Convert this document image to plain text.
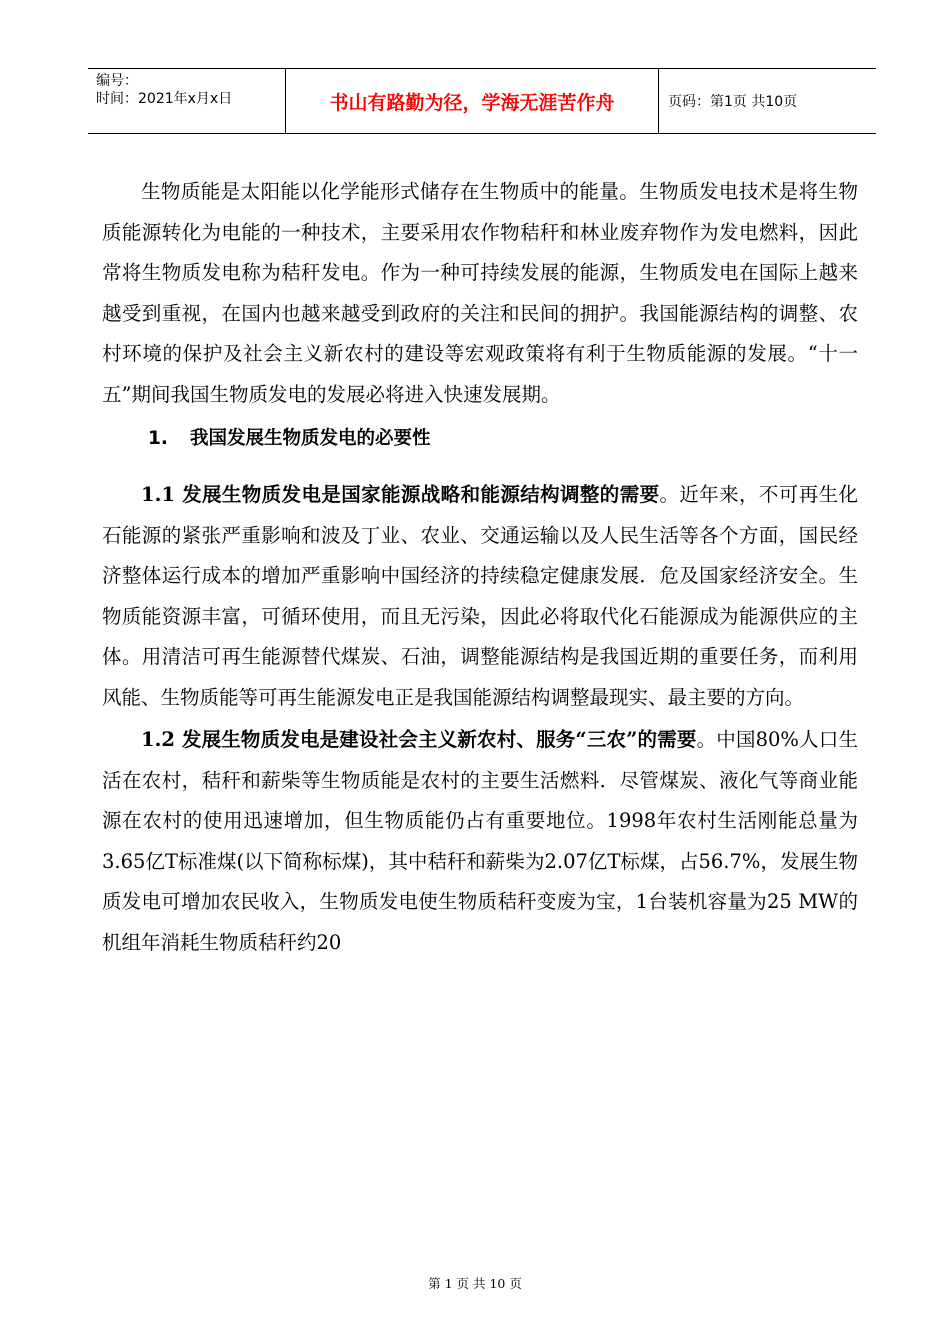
编号：
时间：2021年x月x日	书山有路勤为径，学海无涯苦作舟	页码：第1页 共10页

生物质能是太阳能以化学能形式储存在生物质中的能量。生物质发电技术是将生物质能源转化为电能的一种技术，主要采用农作物秸秆和林业废弃物作为发电燃料，因此常将生物质发电称为秸秆发电。作为一种可持续发展的能源，生物质发电在国际上越来越受到重视，在国内也越来越受到政府的关注和民间的拥护。我国能源结构的调整、农村环境的保护及社会主义新农村的建设等宏观政策将有利于生物质能源的发展。“十一五”期间我国生物质发电的发展必将进入快速发展期。

1. 我国发展生物质发电的必要性

1.1 发展生物质发电是国家能源战略和能源结构调整的需要。近年来，不可再生化石能源的紧张严重影响和波及丁业、农业、交通运输以及人民生活等各个方面，国民经济整体运行成本的增加严重影响中国经济的持续稳定健康发展．危及国家经济安全。生物质能资源丰富，可循环使用，而且无污染，因此必将取代化石能源成为能源供应的主体。用清洁可再生能源替代煤炭、石油，调整能源结构是我国近期的重要任务，而利用风能、生物质能等可再生能源发电正是我国能源结构调整最现实、最主要的方向。

1.2 发展生物质发电是建设社会主义新农村、服务“三农”的需要。中国80%人口生活在农村，秸秆和薪柴等生物质能是农村的主要生活燃料．尽管煤炭、液化气等商业能源在农村的使用迅速增加，但生物质能仍占有重要地位。1998年农村生活刚能总量为3.65亿T标准煤(以下简称标煤)，其中秸秆和薪柴为2.07亿T标煤，占56.7%，发展生物质发电可增加农民收入，生物质发电使生物质秸秆变废为宝，1台装机容量为25 MW的机组年消耗生物质秸秆约20

第 1 页 共 10 页
